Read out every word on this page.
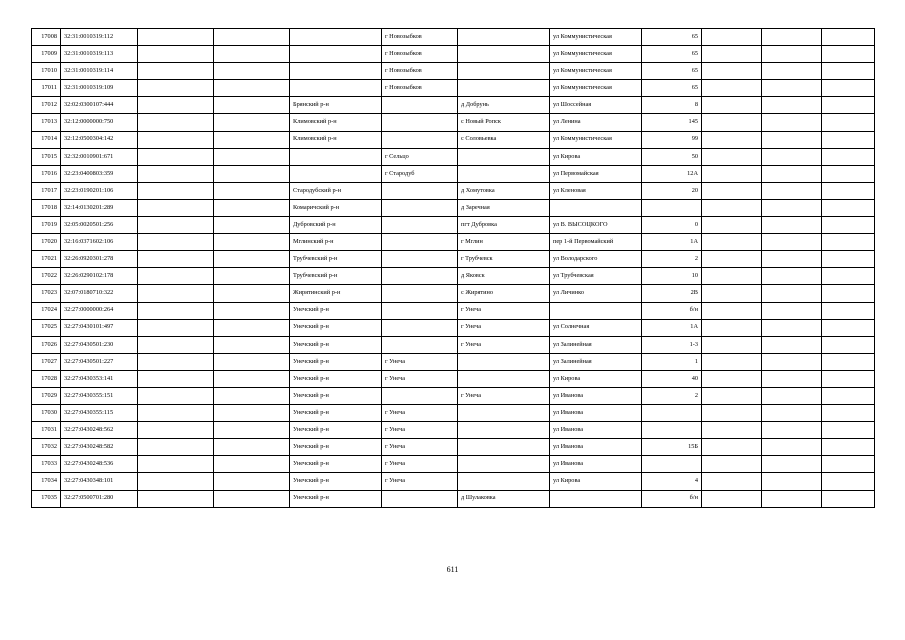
17008	32:31:0010319:112				г Новозыбков		ул Коммунистическая	65			
17009	32:31:0010319:113				г Новозыбков		ул Коммунистическая	65			
17010	32:31:0010319:114				г Новозыбков		ул Коммунистическая	65			
17011	32:31:0010319:109				г Новозыбков		ул Коммунистическая	65			
17012	32:02:0300107:444			Брянский р-н		д Добрунь	ул Шоссейная	8			
17013	32:12:0000000:750			Климовский р-н		с Новый Ропск	ул Ленина	145			
17014	32:12:0500304:142			Климовский р-н		с Соловьевка	ул Коммунистическая	99			
17015	32:32:0010901:671				г Сельцо		ул Кирова	50			
17016	32:23:0400803:359				г Стародуб		ул Первомайская	12А			
17017	32:23:0190201:106			Стародубский р-н		д Хомутовка	ул Кленовая	20			
17018	32:14:0130201:289			Комаричский р-н		д Заречная					
17019	32:05:0020501:256			Дубровский р-н		пгт Дубровка	ул В. ВЫСОЦКОГО	0			
17020	32:16:0371602:106			Мглинский р-н		г Мглин	пер 1-й Первомайский	1А			
17021	32:26:0920301:278			Трубчевский р-н		г Трубчевск	ул Володарского	2			
17022	32:26:0290102:178			Трубчевский р-н		д Яковск	ул Трубчевская	10			
17023	32:07:0180710:322			Жирятинский р-н		с Жирятино	ул Личинко	2В			
17024	32:27:0000000:264			Унечский р-н		г Унеча		б/н			
17025	32:27:0430101:497			Унечский р-н		г Унеча	ул Солнечная	1А			
17026	32:27:0430501:230			Унечский р-н		г Унеча	ул Залинейная	1-3			
17027	32:27:0430501:227			Унечский р-н	г Унеча		ул Залинейная	1			
17028	32:27:0430353:141			Унечский р-н	г Унеча		ул Кирова	40			
17029	32:27:0430355:151			Унечский р-н		г Унеча	ул Иванова	2			
17030	32:27:0430355:115			Унечский р-н	г Унеча		ул Иванова				
17031	32:27:0430248:562			Унечский р-н	г Унеча		ул Иванова				
17032	32:27:0430248:582			Унечский р-н	г Унеча		ул Иванова	15Б			
17033	32:27:0430248:536			Унечский р-н	г Унеча		ул Иванова				
17034	32:27:0430348:101			Унечский р-н	г Унеча		ул Кирова	4			
17035	32:27:0500701:280			Унечский р-н		д Шулаковка		б/н			
611
